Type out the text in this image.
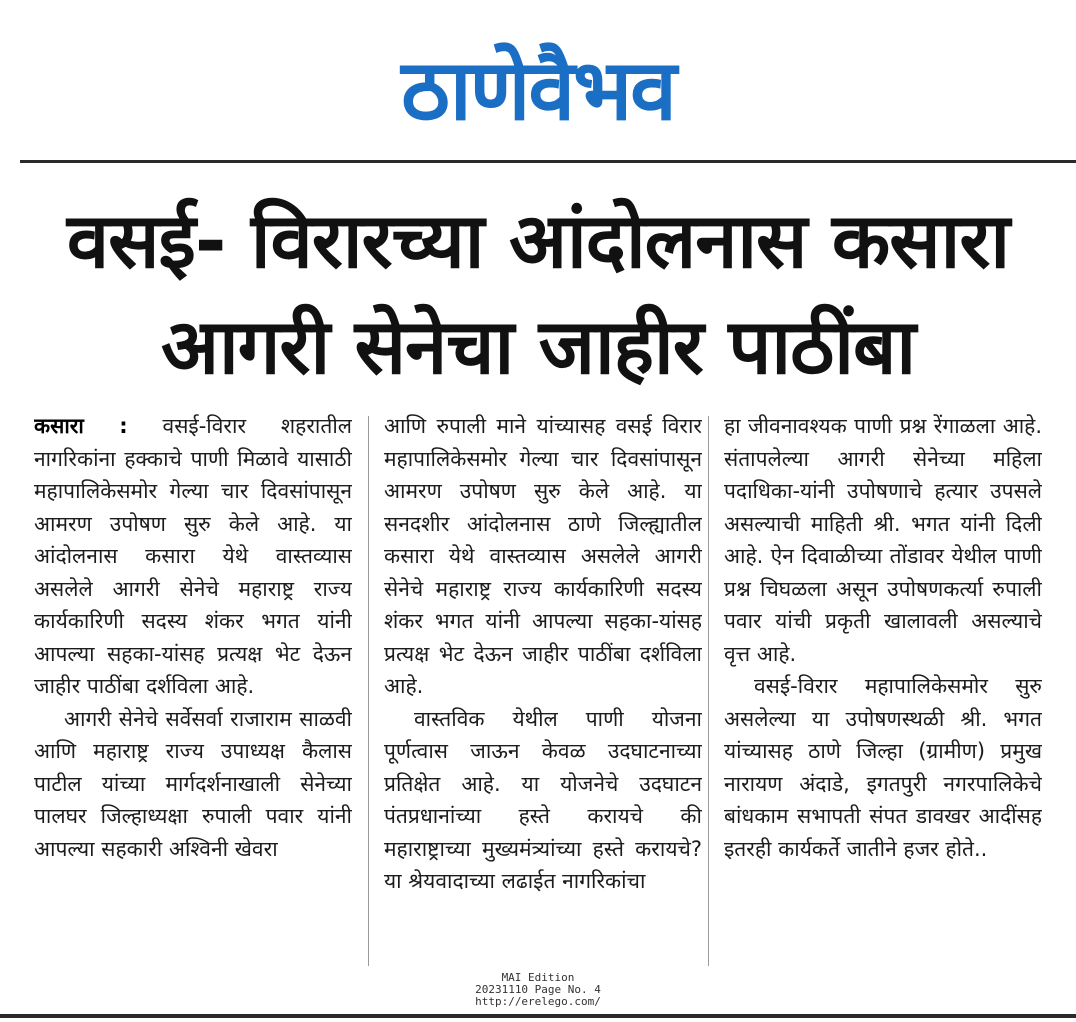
ठाणेवैभव
वसई- विरारच्या आंदोलनास कसारा
आगरी सेनेचा जाहीर पाठींबा

कसारा : वसई-विरार शहरातील नागरिकांना हक्काचे पाणी मिळावे यासाठी महापालिकेसमोर गेल्या चार दिवसांपासून आमरण उपोषण सुरु केले आहे. या आंदोलनास कसारा येथे वास्तव्यास असलेले आगरी सेनेचे महाराष्ट्र राज्य कार्यकारिणी सदस्य शंकर भगत यांनी आपल्या सहका-यांसह प्रत्यक्ष भेट देऊन जाहीर पाठींबा दर्शविला आहे.

आगरी सेनेचे सर्वेसर्वा राजाराम साळवी आणि महाराष्ट्र राज्य उपाध्यक्ष कैलास पाटील यांच्या मार्गदर्शनाखाली सेनेच्या पालघर जिल्हाध्यक्षा रुपाली पवार यांनी आपल्या सहकारी अश्विनी खेवरा

आणि रुपाली माने यांच्यासह वसई विरार महापालिकेसमोर गेल्या चार दिवसांपासून आमरण उपोषण सुरु केले आहे. या सनदशीर आंदोलनास ठाणे जिल्ह्यातील कसारा येथे वास्तव्यास असलेले आगरी सेनेचे महाराष्ट्र राज्य कार्यकारिणी सदस्य शंकर भगत यांनी आपल्या सहका-यांसह प्रत्यक्ष भेट देऊन जाहीर पाठींबा दर्शविला आहे.

वास्तविक येथील पाणी योजना पूर्णत्वास जाऊन केवळ उदघाटनाच्या प्रतिक्षेत आहे. या योजनेचे उदघाटन पंतप्रधानांच्या हस्ते करायचे की महाराष्ट्राच्या मुख्यमंत्र्यांच्या हस्ते करायचे? या श्रेयवादाच्या लढाईत नागरिकांचा

हा जीवनावश्यक पाणी प्रश्न रेंगाळला आहे. संतापलेल्या आगरी सेनेच्या महिला पदाधिका-यांनी उपोषणाचे हत्यार उपसले असल्याची माहिती श्री. भगत यांनी दिली आहे. ऐन दिवाळीच्या तोंडावर येथील पाणी प्रश्न चिघळला असून उपोषणकर्त्या रुपाली पवार यांची प्रकृती खालावली असल्याचे वृत्त आहे.

वसई-विरार महापालिकेसमोर सुरु असलेल्या या उपोषणस्थळी श्री. भगत यांच्यासह ठाणे जिल्हा (ग्रामीण) प्रमुख नारायण अंदाडे, इगतपुरी नगरपालिकेचे बांधकाम सभापती संपत डावखर आदींसह इतरही कार्यकर्ते जातीने हजर होते..

MAI Edition
20231110 Page No. 4
http://erelego.com/
